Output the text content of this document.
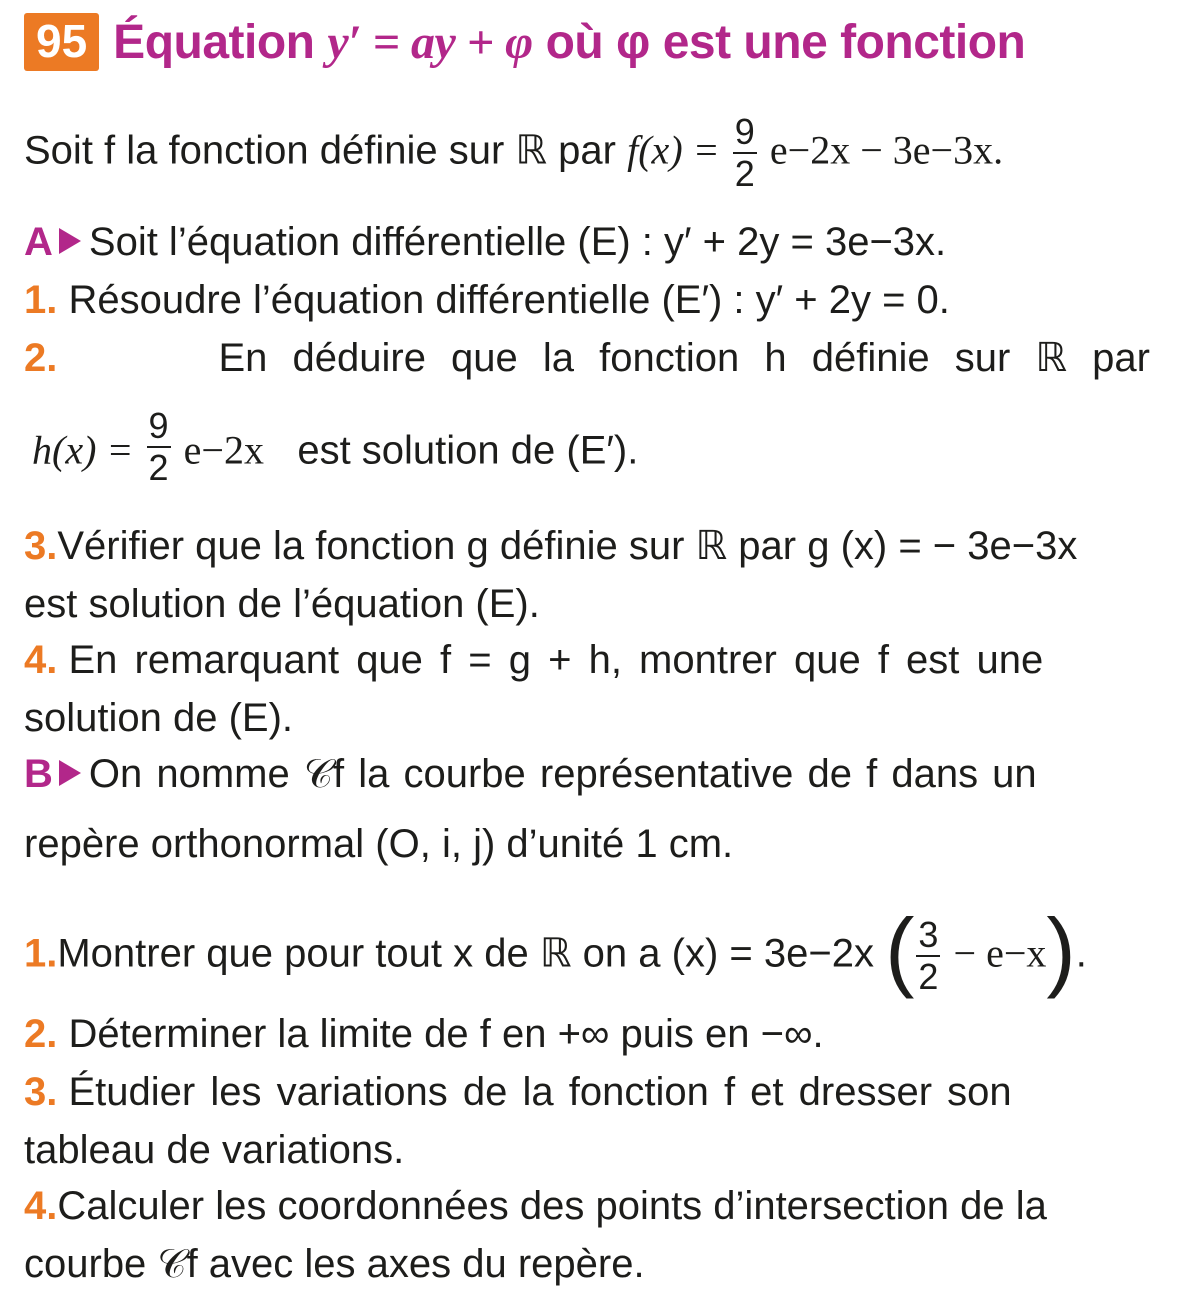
95 Équation y′ = ay + φ où φ est une fonction
Soit f la fonction définie sur ℝ par $f(x) = \frac{9}{2} e-2x - 3e-3x$.
A Soit l’équation différentielle (E) : y′ + 2y = 3e−3x.
1. Résoudre l’équation différentielle (E′) : y′ + 2y = 0.
2.	En déduire que la fonction h définie sur ℝ par
$h(x) = \frac{9}{2} e-2x$ est solution de (E′).
3.Vérifier que la fonction g définie sur ℝ par g (x) = − 3e−3x
est solution de l’équation (E).
4. En remarquant que f = g + h, montrer que f est une
solution de (E).
B On nomme 𝒞f la courbe représentative de f dans un
repère orthonormal (O, i, j) d’unité 1 cm.
1.Montrer que pour tout x de ℝ on a (x) = 3e−2x ( $\frac{3}{2} - e-x$).
2. Déterminer la limite de f en +∞ puis en −∞.
3. Étudier les variations de la fonction f et dresser son
tableau de variations.
4.Calculer les coordonnées des points d’intersection de la
courbe 𝒞f avec les axes du repère.
